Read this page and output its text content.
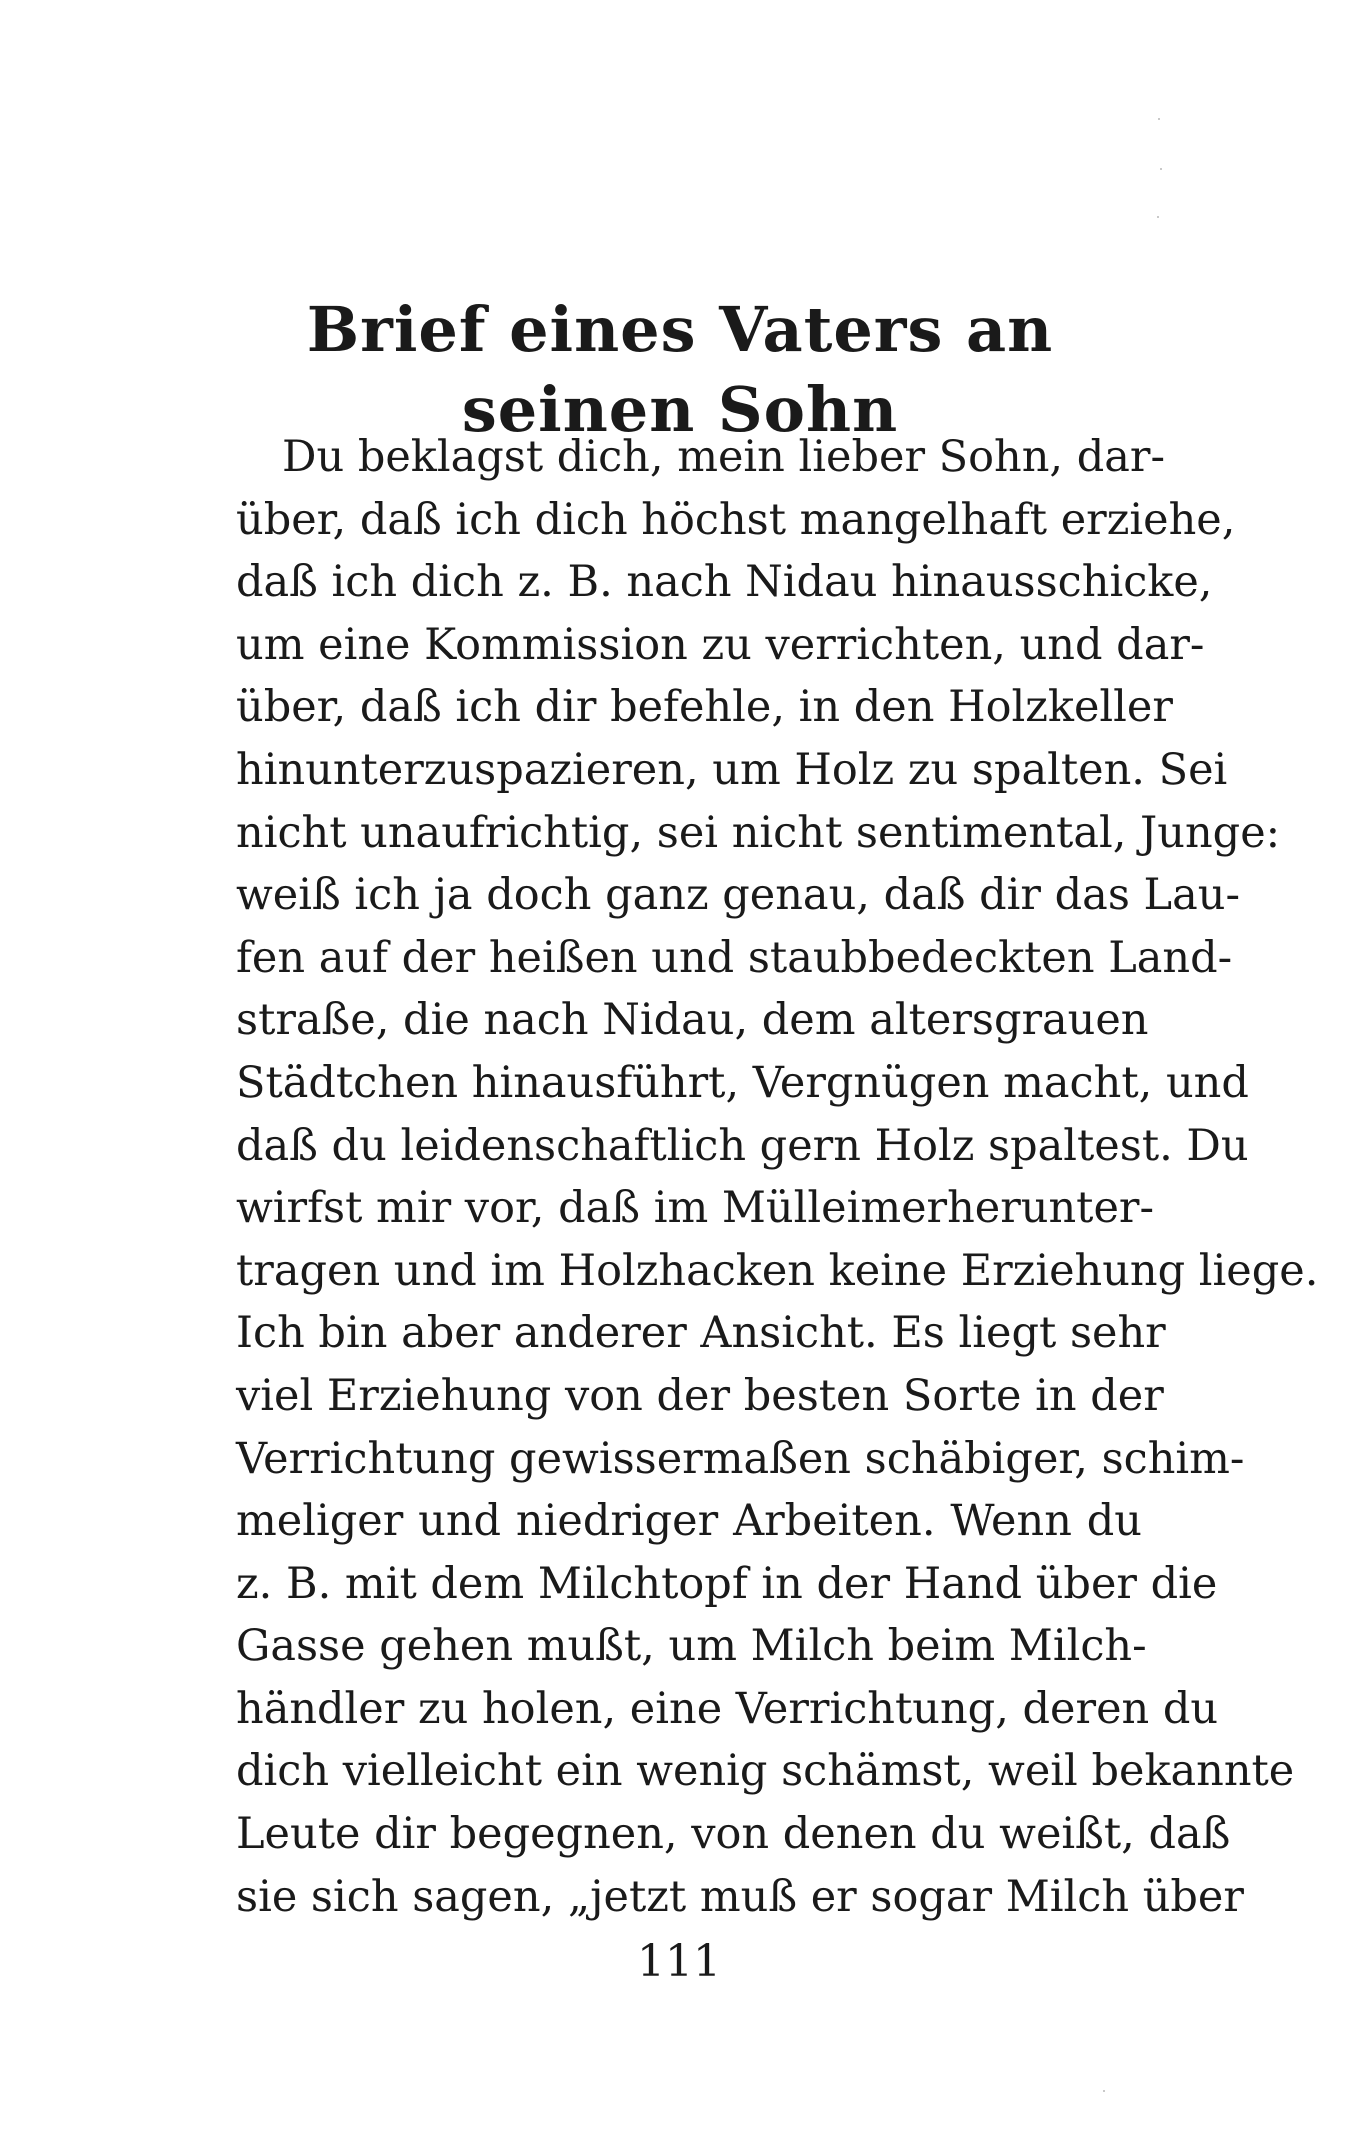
Brief eines Vaters an seinen Sohn
Du beklagst dich, mein lieber Sohn, dar-
über, daß ich dich höchst mangelhaft erziehe,
daß ich dich z. B. nach Nidau hinausschicke,
um eine Kommission zu verrichten, und dar-
über, daß ich dir befehle, in den Holzkeller
hinunterzuspazieren, um Holz zu spalten. Sei
nicht unaufrichtig, sei nicht sentimental, Junge:
weiß ich ja doch ganz genau, daß dir das Lau-
fen auf der heißen und staubbedeckten Land-
straße, die nach Nidau, dem altersgrauen
Städtchen hinausführt, Vergnügen macht, und
daß du leidenschaftlich gern Holz spaltest. Du
wirfst mir vor, daß im Mülleimerherunter-
tragen und im Holzhacken keine Erziehung liege.
Ich bin aber anderer Ansicht. Es liegt sehr
viel Erziehung von der besten Sorte in der
Verrichtung gewissermaßen schäbiger, schim-
meliger und niedriger Arbeiten. Wenn du
z. B. mit dem Milchtopf in der Hand über die
Gasse gehen mußt, um Milch beim Milch-
händler zu holen, eine Verrichtung, deren du
dich vielleicht ein wenig schämst, weil bekannte
Leute dir begegnen, von denen du weißt, daß
sie sich sagen, „jetzt muß er sogar Milch über
111
